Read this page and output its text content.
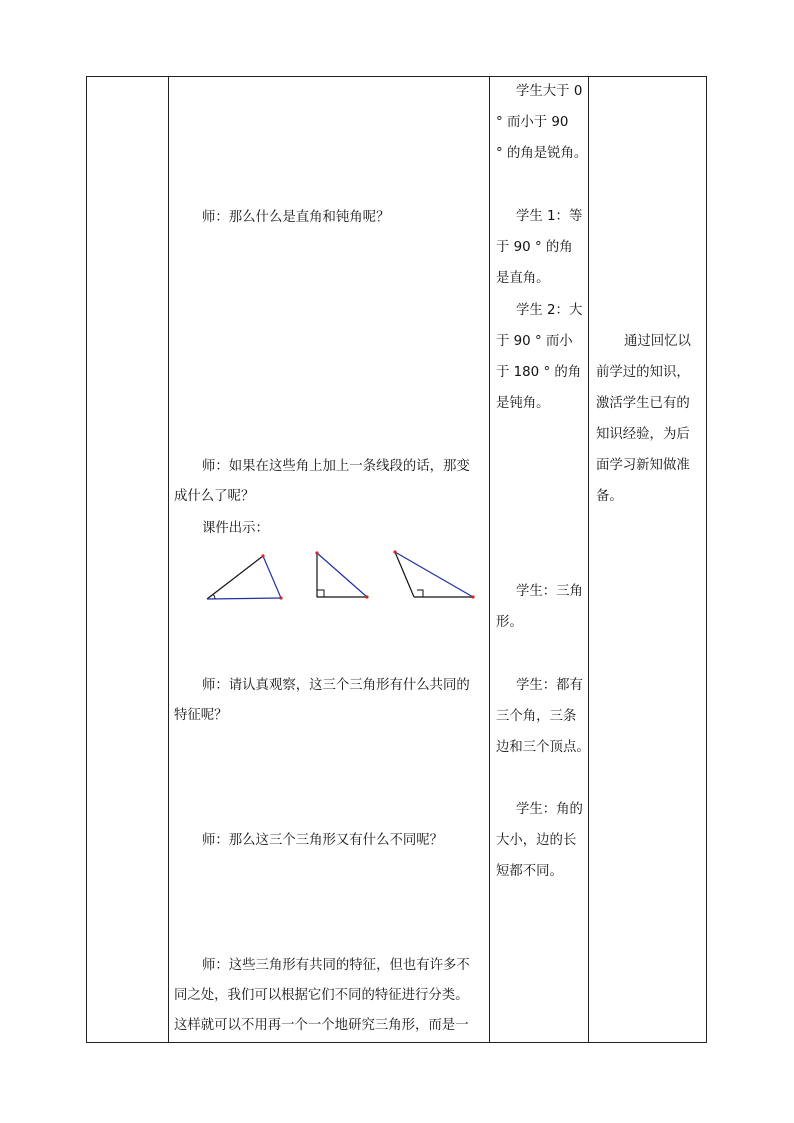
师：那么什么是直角和钝角呢？
师：如果在这些角上加上一条线段的话，那变
成什么了呢？
课件出示：
师：请认真观察，这三个三角形有什么共同的
特征呢？
师：那么这三个三角形又有什么不同呢？
师：这些三角形有共同的特征，但也有许多不
同之处，我们可以根据它们不同的特征进行分类。
这样就可以不用再一个一个地研究三角形，而是一
学生大于 0
° 而小于 90
° 的角是锐角。
学生 1：等
于 90 ° 的角
是直角。
学生 2：大
于 90 ° 而小
于 180 ° 的角
是钝角。
学生：三角
形。
学生：都有
三个角，三条
边和三个顶点。
学生：角的
大小，边的长
短都不同。
通过回忆以
前学过的知识，
激活学生已有的
知识经验，为后
面学习新知做准
备。
